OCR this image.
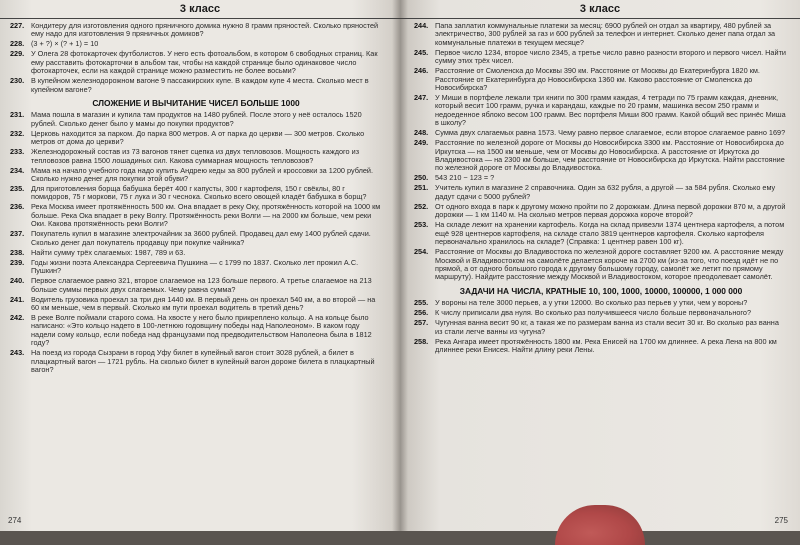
3 класс
227. Кондитеру для изготовления одного пряничного домика нужно 8 грамм пряностей. Сколько пряностей ему надо для изготовления 9 пряничных домиков?
228. (3 + ?) × (? + 1) = 10
229. У Олега 28 фотокарточек футболистов. У него есть фотоальбом, в котором 6 свободных страниц. Как ему расставить фотокарточки в альбом так, чтобы на каждой странице было одинаковое число фотокарточек, если на каждой странице можно разместить не более восьми?
230. В купейном железнодорожном вагоне 9 пассажирских купе. В каждом купе 4 места. Сколько мест в купейном вагоне?
СЛОЖЕНИЕ И ВЫЧИТАНИЕ ЧИСЕЛ БОЛЬШЕ 1000
231. Мама пошла в магазин и купила там продуктов на 1480 рублей. После этого у неё осталось 1520 рублей. Сколько денег было у мамы до покупки продуктов?
232. Церковь находится за парком. До парка 800 метров. А от парка до церкви — 300 метров. Сколько метров от дома до церкви?
233. Железнодорожный состав из 73 вагонов тянет сцепка из двух тепловозов. Мощность каждого из тепловозов равна 1500 лошадиных сил. Какова суммарная мощность тепловозов?
234. Мама на начало учебного года надо купить Андрею кеды за 800 рублей и кроссовки за 1200 рублей. Сколько нужно денег для покупки этой обуви?
235. Для приготовления борща бабушка берёт 400 г капусты, 300 г картофеля, 150 г свёклы, 80 г помидоров, 75 г моркови, 75 г лука и 30 г чеснока. Сколько всего овощей кладёт бабушка в борщ?
236. Река Москва имеет протяжённость 500 км. Она впадает в реку Оку, протяжённость которой на 1000 км больше. Река Ока впадает в реку Волгу. Протяжённость реки Волги — на 2000 км больше, чем реки Оки. Какова протяжённость реки Волги?
237. Покупатель купил в магазине электрочайник за 3600 рублей. Продавец дал ему 1400 рублей сдачи. Сколько денег дал покупатель продавцу при покупке чайника?
238. Найти сумму трёх слагаемых: 1987, 789 и 63.
239. Годы жизни поэта Александра Сергеевича Пушкина — с 1799 по 1837. Сколько лет прожил А.С. Пушкин?
240. Первое слагаемое равно 321, второе слагаемое на 123 больше первого. А третье слагаемое на 213 больше суммы первых двух слагаемых. Чему равна сумма?
241. Водитель грузовика проехал за три дня 1440 км. В первый день он проехал 540 км, а во второй — на 60 км меньше, чем в первый. Сколько км пути проехал водитель в третий день?
242. В реке Волге поймали старого сома. На хвосте у него было прикреплено кольцо. А на кольце было написано: «Это кольцо надето в 100-летнюю годовщину победы над Наполеоном». В каком году надели сому кольцо, если победа над французами под предводительством Наполеона была в 1812 году?
243. На поезд из города Сызрани в город Уфу билет в купейный вагон стоит 3028 рублей, а билет в плацкартный вагон — 1721 рубль. На сколько билет в купейный вагон дороже билета в плацкартный вагон?
274
3 класс
244. Папа заплатил коммунальные платежи за месяц: 6900 рублей он отдал за квартиру, 480 рублей за электричество, 300 рублей за газ и 600 рублей за телефон и интернет. Сколько денег папа отдал за коммунальные платежи в текущем месяце?
245. Первое число 1234, второе число 2345, а третье число равно разности второго и первого чисел. Найти сумму этих трёх чисел.
246. Расстояние от Смоленска до Москвы 390 км. Расстояние от Москвы до Екатеринбурга 1820 км. Расстояние от Екатеринбурга до Новосибирска 1360 км. Каково расстояние от Смоленска до Новосибирска?
247. У Миши в портфеле лежали три книги по 300 грамм каждая, 4 тетради по 75 грамм каждая, дневник, который весит 100 грамм, ручка и карандаш, каждые по 20 грамм, машинка весом 250 грамм и недоеденное яблоко весом 100 грамм. Вес портфеля Миши 800 грамм. Какой общий вес принёс Миша в школу?
248. Сумма двух слагаемых равна 1573. Чему равно первое слагаемое, если второе слагаемое равно 169?
249. Расстояние по железной дороге от Москвы до Новосибирска 3300 км. Расстояние от Новосибирска до Иркутска — на 1500 км меньше, чем от Москвы до Новосибирска. А расстояние от Иркутска до Владивостока — на 2300 км больше, чем расстояние от Новосибирска до Иркутска. Найти расстояние по железной дороге от Москвы до Владивостока.
250. 543 210 − 123 = ?
251. Учитель купил в магазине 2 справочника. Один за 632 рубля, а другой — за 584 рубля. Сколько ему дадут сдачи с 5000 рублей?
252. От одного входа в парк к другому можно пройти по 2 дорожкам. Длина первой дорожки 870 м, а другой дорожки — 1 км 1140 м. На сколько метров первая дорожка короче второй?
253. На складе лежит на хранении картофель. Когда на склад привезли 1374 центнера картофеля, а потом ещё 928 центнеров картофеля, на складе стало 3819 центнеров картофеля. Сколько картофеля первоначально хранилось на складе? (Справка: 1 центнер равен 100 кг).
254. Расстояние от Москвы до Владивостока по железной дороге составляет 9200 км. А расстояние между Москвой и Владивостоком на самолёте делается короче на 2700 км (из-за того, что поезд идёт не по прямой, а от одного большого города к другому большому городу, самолёт же летит по прямому маршруту). Найдите расстояние между Москвой и Владивостоком, которое преодолевает самолёт.
ЗАДАЧИ НА ЧИСЛА, КРАТНЫЕ 10, 100, 1000, 10000, 100000, 1 000 000
255. У вороны на теле 3000 перьев, а у утки 12000. Во сколько раз перьев у утки, чем у вороны?
256. К числу приписали два нуля. Во сколько раз получившееся число больше первоначального?
257. Чугунная ванна весит 90 кг, а такая же по размерам ванна из стали весит 30 кг. Во сколько раз ванна из стали легче ванны из чугуна?
258. Река Ангара имеет протяжённость 1800 км. Река Енисей на 1700 км длиннее. А река Лена на 800 км длиннее реки Енисея. Найти длину реки Лены.
275
